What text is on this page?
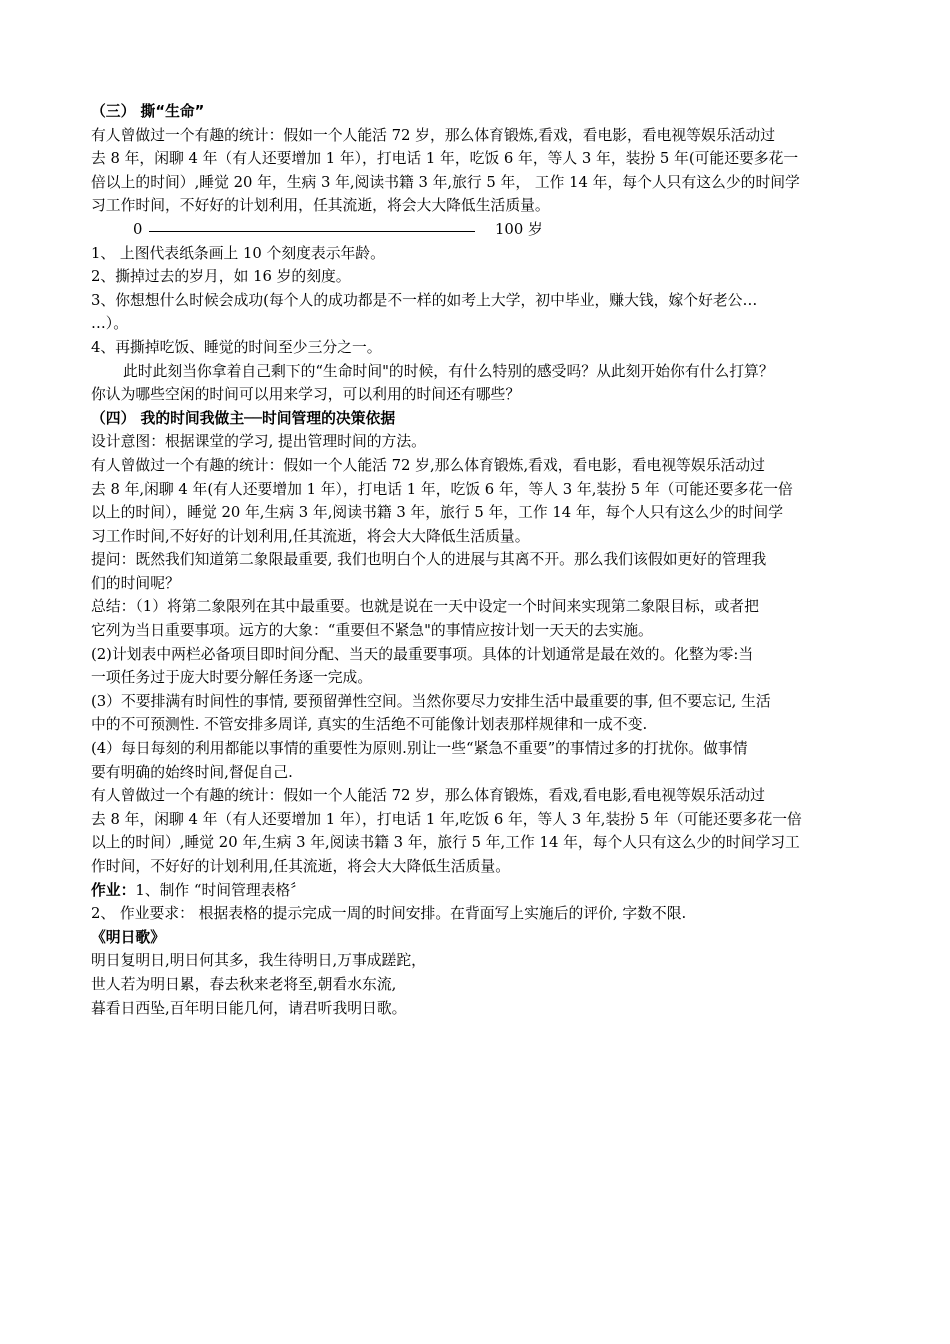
（三） 撕“生命”
有人曾做过一个有趣的统计：假如一个人能活 72 岁，那么体育锻炼,看戏，看电影，看电视等娱乐活动过
去 8 年，闲聊 4 年（有人还要增加 1 年），打电话 1 年，吃饭 6 年，等人 3 年，装扮 5 年(可能还要多花一
倍以上的时间）,睡觉 20 年，生病 3 年,阅读书籍 3 年,旅行 5 年， 工作 14 年，每个人只有这么少的时间学
习工作时间，不好好的计划利用，任其流逝，将会大大降低生活质量。
0	100 岁
1、 上图代表纸条画上 10 个刻度表示年龄。
2、撕掉过去的岁月，如 16 岁的刻度。
3、你想想什么时候会成功(每个人的成功都是不一样的如考上大学，初中毕业，赚大钱，嫁个好老公…
…）。
4、再撕掉吃饭、睡觉的时间至少三分之一。
此时此刻当你拿着自己剩下的“生命时间"的时候，有什么特别的感受吗？从此刻开始你有什么打算？
你认为哪些空闲的时间可以用来学习，可以利用的时间还有哪些？
（四） 我的时间我做主──时间管理的决策依据
设计意图：根据课堂的学习, 提出管理时间的方法。
有人曾做过一个有趣的统计：假如一个人能活 72 岁,那么体育锻炼,看戏，看电影，看电视等娱乐活动过
去 8 年,闲聊 4 年(有人还要增加 1 年），打电话 1 年，吃饭 6 年，等人 3 年,装扮 5 年（可能还要多花一倍
以上的时间），睡觉 20 年,生病 3 年,阅读书籍 3 年，旅行 5 年，工作 14 年，每个人只有这么少的时间学
习工作时间,不好好的计划利用,任其流逝，将会大大降低生活质量。
提问：既然我们知道第二象限最重要, 我们也明白个人的进展与其离不开。那么我们该假如更好的管理我
们的时间呢？
总结：（1）将第二象限列在其中最重要。也就是说在一天中设定一个时间来实现第二象限目标，或者把
它列为当日重要事项。远方的大象：“重要但不紧急"的事情应按计划一天天的去实施。
(2)计划表中两栏必备项目即时间分配、当天的最重要事项。具体的计划通常是最在效的。化整为零:当
一项任务过于庞大时要分解任务逐一完成。
(3）不要排满有时间性的事情, 要预留弹性空间。当然你要尽力安排生活中最重要的事, 但不要忘记, 生活
中的不可预测性. 不管安排多周详, 真实的生活绝不可能像计划表那样规律和一成不变.
(4）每日每刻的利用都能以事情的重要性为原则.别让一些“紧急不重要”的事情过多的打扰你。做事情
要有明确的始终时间,督促自己.
有人曾做过一个有趣的统计：假如一个人能活 72 岁，那么体育锻炼，看戏,看电影,看电视等娱乐活动过
去 8 年，闲聊 4 年（有人还要增加 1 年），打电话 1 年,吃饭 6 年，等人 3 年,装扮 5 年（可能还要多花一倍
以上的时间）,睡觉 20 年,生病 3 年,阅读书籍 3 年，旅行 5 年,工作 14 年，每个人只有这么少的时间学习工
作时间，不好好的计划利用,任其流逝，将会大大降低生活质量。
作业：1、制作 “时间管理表格〞
2、 作业要求： 根据表格的提示完成一周的时间安排。在背面写上实施后的评价, 字数不限.
《明日歌》
明日复明日,明日何其多，我生待明日,万事成蹉跎，
世人若为明日累，春去秋来老将至,朝看水东流,
暮看日西坠,百年明日能几何，请君听我明日歌。
